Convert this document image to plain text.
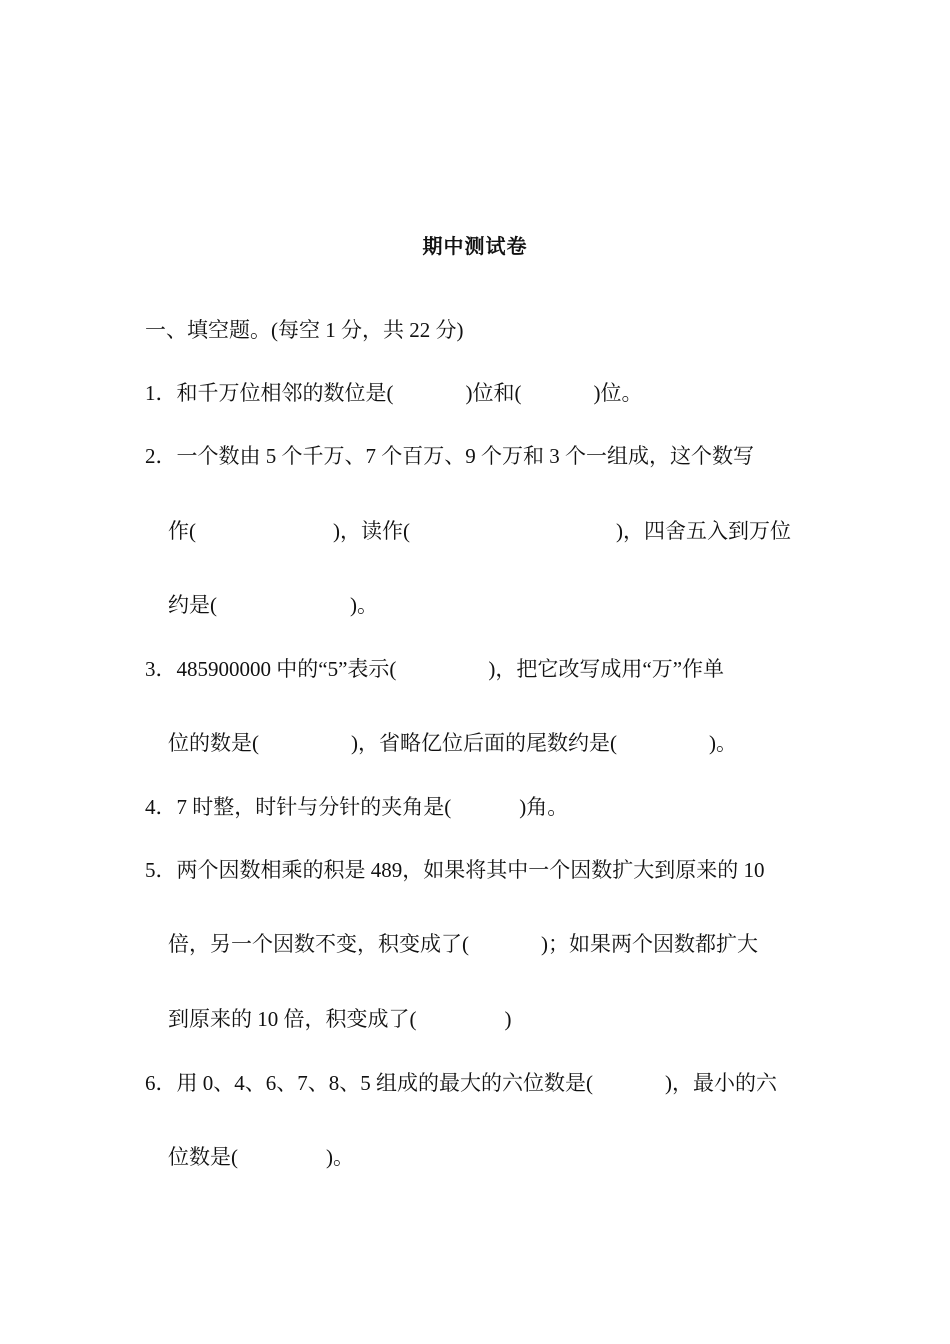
期中测试卷
一、填空题。(每空 1 分，共 22 分)
1．和千万位相邻的数位是(	)位和(	)位。
2．一个数由 5 个千万、7 个百万、9 个万和 3 个一组成，这个数写
作(	)，读作(	)，四舍五入到万位
约是(	)。
3．485900000 中的“5”表示(	)，把它改写成用“万”作单
位的数是(	)，省略亿位后面的尾数约是(	)。
4．7 时整，时针与分针的夹角是(	)角。
5．两个因数相乘的积是 489，如果将其中一个因数扩大到原来的 10
倍，另一个因数不变，积变成了(	)；如果两个因数都扩大
到原来的 10 倍，积变成了(	)
6．用 0、4、6、7、8、5 组成的最大的六位数是(	)，最小的六
位数是(	)。
